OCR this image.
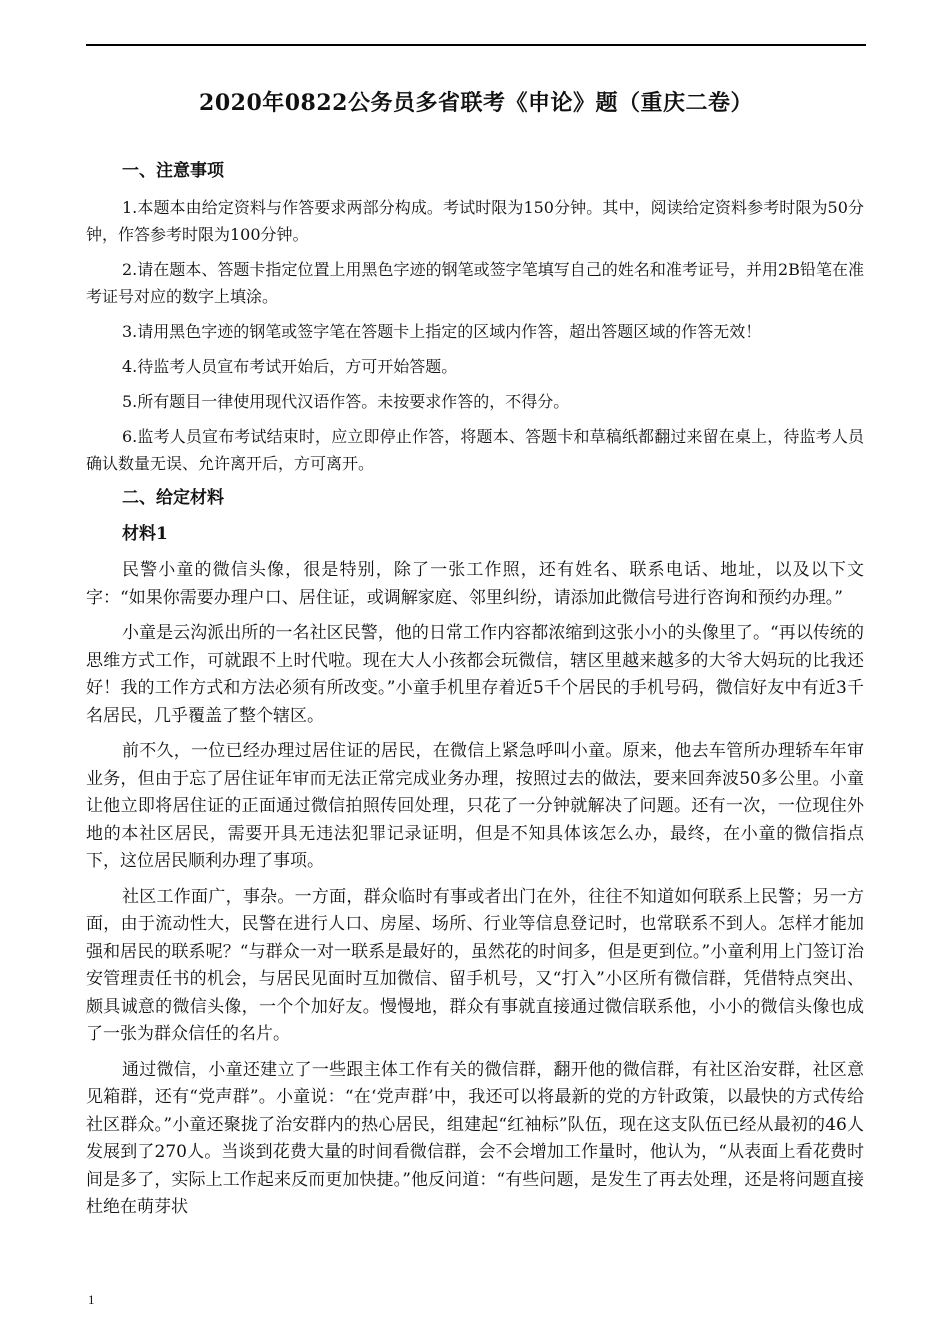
2020年0822公务员多省联考《申论》题（重庆二卷）

一、注意事项

1.本题本由给定资料与作答要求两部分构成。考试时限为150分钟。其中，阅读给定资料参考时限为50分钟，作答参考时限为100分钟。

2.请在题本、答题卡指定位置上用黑色字迹的钢笔或签字笔填写自己的姓名和准考证号，并用2B铅笔在准考证号对应的数字上填涂。

3.请用黑色字迹的钢笔或签字笔在答题卡上指定的区域内作答，超出答题区域的作答无效！

4.待监考人员宣布考试开始后，方可开始答题。

5.所有题目一律使用现代汉语作答。未按要求作答的，不得分。

6.监考人员宣布考试结束时，应立即停止作答，将题本、答题卡和草稿纸都翻过来留在桌上，待监考人员确认数量无误、允许离开后，方可离开。

二、给定材料

材料1

民警小童的微信头像，很是特别，除了一张工作照，还有姓名、联系电话、地址，以及以下文字：“如果你需要办理户口、居住证，或调解家庭、邻里纠纷，请添加此微信号进行咨询和预约办理。”

小童是云沟派出所的一名社区民警，他的日常工作内容都浓缩到这张小小的头像里了。“再以传统的思维方式工作，可就跟不上时代啦。现在大人小孩都会玩微信，辖区里越来越多的大爷大妈玩的比我还好！我的工作方式和方法必须有所改变。”小童手机里存着近5千个居民的手机号码，微信好友中有近3千名居民，几乎覆盖了整个辖区。

前不久，一位已经办理过居住证的居民，在微信上紧急呼叫小童。原来，他去车管所办理轿车年审业务，但由于忘了居住证年审而无法正常完成业务办理，按照过去的做法，要来回奔波50多公里。小童让他立即将居住证的正面通过微信拍照传回处理，只花了一分钟就解决了问题。还有一次，一位现住外地的本社区居民，需要开具无违法犯罪记录证明，但是不知具体该怎么办，最终，在小童的微信指点下，这位居民顺利办理了事项。

社区工作面广，事杂。一方面，群众临时有事或者出门在外，往往不知道如何联系上民警；另一方面，由于流动性大，民警在进行人口、房屋、场所、行业等信息登记时，也常联系不到人。怎样才能加强和居民的联系呢？“与群众一对一联系是最好的，虽然花的时间多，但是更到位。”小童利用上门签订治安管理责任书的机会，与居民见面时互加微信、留手机号，又“打入”小区所有微信群，凭借特点突出、颇具诚意的微信头像，一个个加好友。慢慢地，群众有事就直接通过微信联系他，小小的微信头像也成了一张为群众信任的名片。

通过微信，小童还建立了一些跟主体工作有关的微信群，翻开他的微信群，有社区治安群，社区意见箱群，还有“党声群”。小童说：“在‘党声群’中，我还可以将最新的党的方针政策，以最快的方式传给社区群众。”小童还聚拢了治安群内的热心居民，组建起“红袖标”队伍，现在这支队伍已经从最初的46人发展到了270人。当谈到花费大量的时间看微信群，会不会增加工作量时，他认为，“从表面上看花费时间是多了，实际上工作起来反而更加快捷。”他反问道：“有些问题，是发生了再去处理，还是将问题直接杜绝在萌芽状

1
